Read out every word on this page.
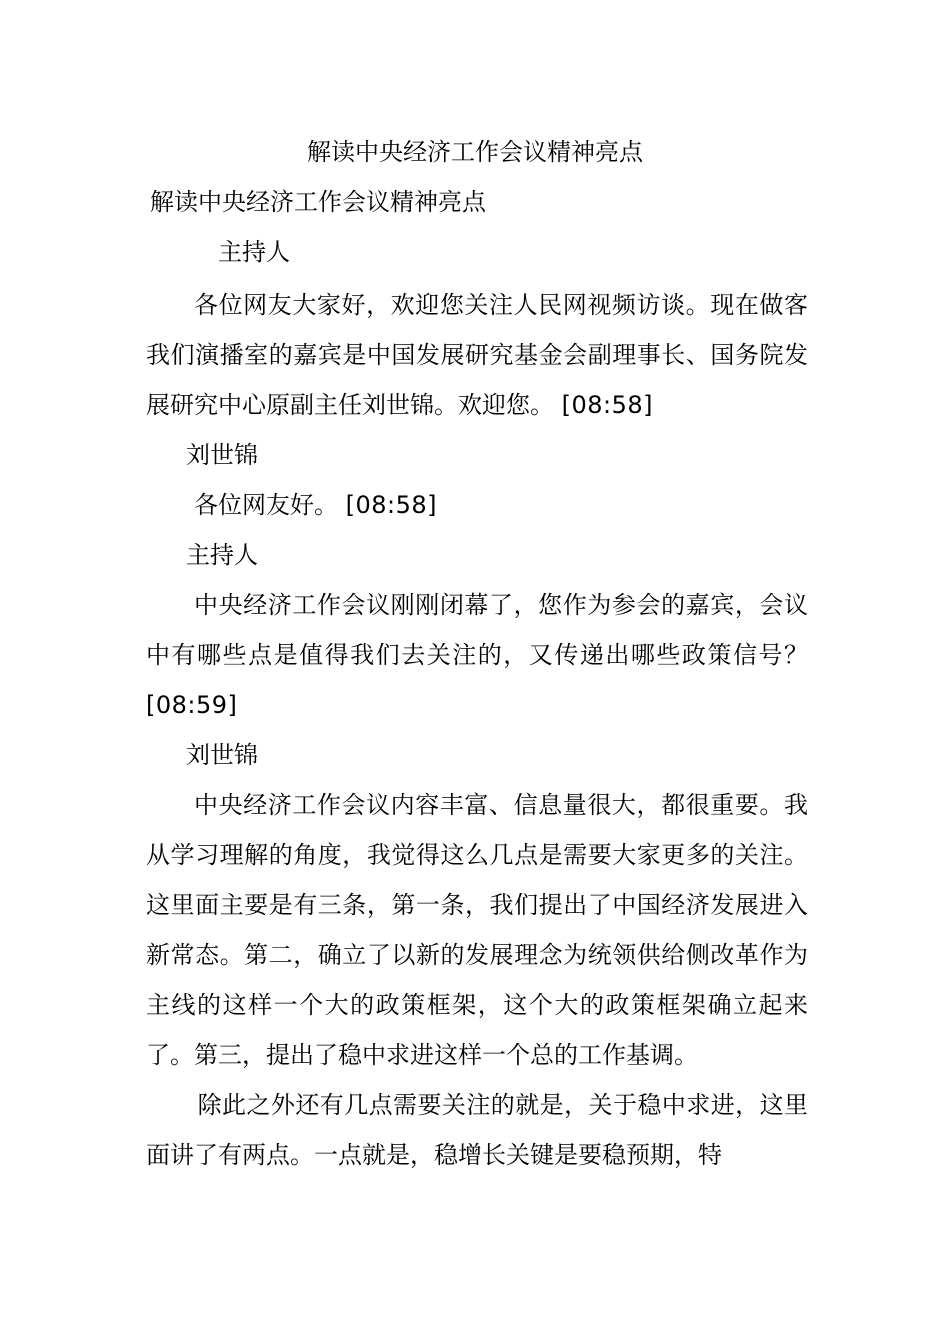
解读中央经济工作会议精神亮点
解读中央经济工作会议精神亮点
主持人

各位网友大家好，欢迎您关注人民网视频访谈。现在做客我们演播室的嘉宾是中国发展研究基金会副理事长、国务院发展研究中心原副主任刘世锦。欢迎您。 [08:58]

刘世锦

各位网友好。 [08:58]

主持人

中央经济工作会议刚刚闭幕了，您作为参会的嘉宾，会议中有哪些点是值得我们去关注的，又传递出哪些政策信号？ [08:59]

刘世锦

中央经济工作会议内容丰富、信息量很大，都很重要。我从学习理解的角度，我觉得这么几点是需要大家更多的关注。这里面主要是有三条，第一条，我们提出了中国经济发展进入新常态。第二，确立了以新的发展理念为统领供给侧改革作为主线的这样一个大的政策框架，这个大的政策框架确立起来了。第三，提出了稳中求进这样一个总的工作基调。

除此之外还有几点需要关注的就是，关于稳中求进，这里面讲了有两点。一点就是，稳增长关键是要稳预期，特
